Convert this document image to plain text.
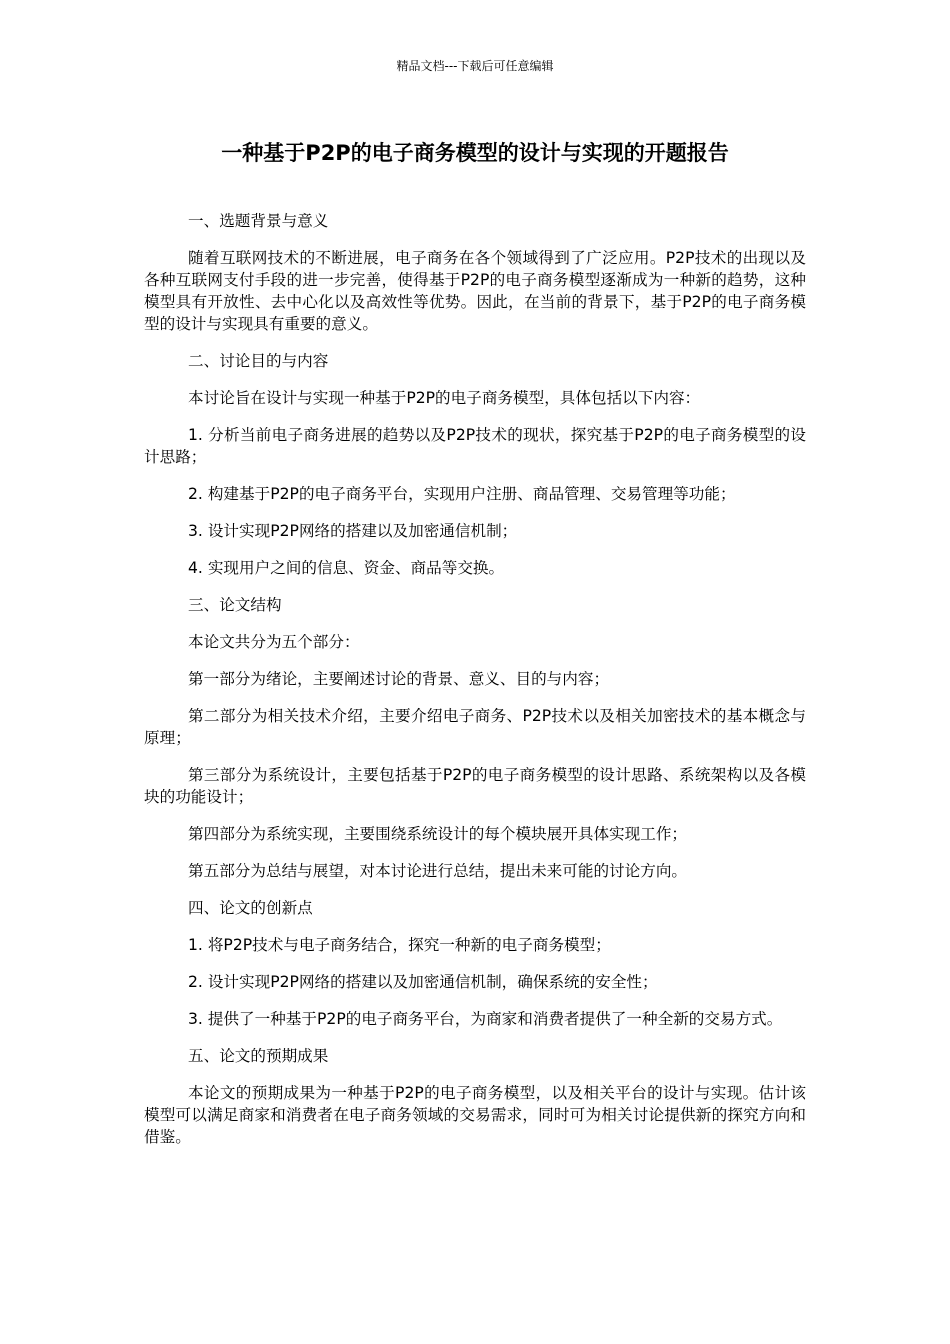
精品文档---下载后可任意编辑
一种基于P2P的电子商务模型的设计与实现的开题报告

一、选题背景与意义

随着互联网技术的不断进展，电子商务在各个领域得到了广泛应用。P2P技术的出现以及各种互联网支付手段的进一步完善，使得基于P2P的电子商务模型逐渐成为一种新的趋势，这种模型具有开放性、去中心化以及高效性等优势。因此，在当前的背景下，基于P2P的电子商务模型的设计与实现具有重要的意义。

二、讨论目的与内容

本讨论旨在设计与实现一种基于P2P的电子商务模型，具体包括以下内容：

1. 分析当前电子商务进展的趋势以及P2P技术的现状，探究基于P2P的电子商务模型的设计思路；

2. 构建基于P2P的电子商务平台，实现用户注册、商品管理、交易管理等功能；

3. 设计实现P2P网络的搭建以及加密通信机制；

4. 实现用户之间的信息、资金、商品等交换。

三、论文结构

本论文共分为五个部分：

第一部分为绪论，主要阐述讨论的背景、意义、目的与内容；

第二部分为相关技术介绍，主要介绍电子商务、P2P技术以及相关加密技术的基本概念与原理；

第三部分为系统设计，主要包括基于P2P的电子商务模型的设计思路、系统架构以及各模块的功能设计；

第四部分为系统实现，主要围绕系统设计的每个模块展开具体实现工作；

第五部分为总结与展望，对本讨论进行总结，提出未来可能的讨论方向。

四、论文的创新点

1. 将P2P技术与电子商务结合，探究一种新的电子商务模型；

2. 设计实现P2P网络的搭建以及加密通信机制，确保系统的安全性；

3. 提供了一种基于P2P的电子商务平台，为商家和消费者提供了一种全新的交易方式。

五、论文的预期成果

本论文的预期成果为一种基于P2P的电子商务模型，以及相关平台的设计与实现。估计该模型可以满足商家和消费者在电子商务领域的交易需求，同时可为相关讨论提供新的探究方向和借鉴。
